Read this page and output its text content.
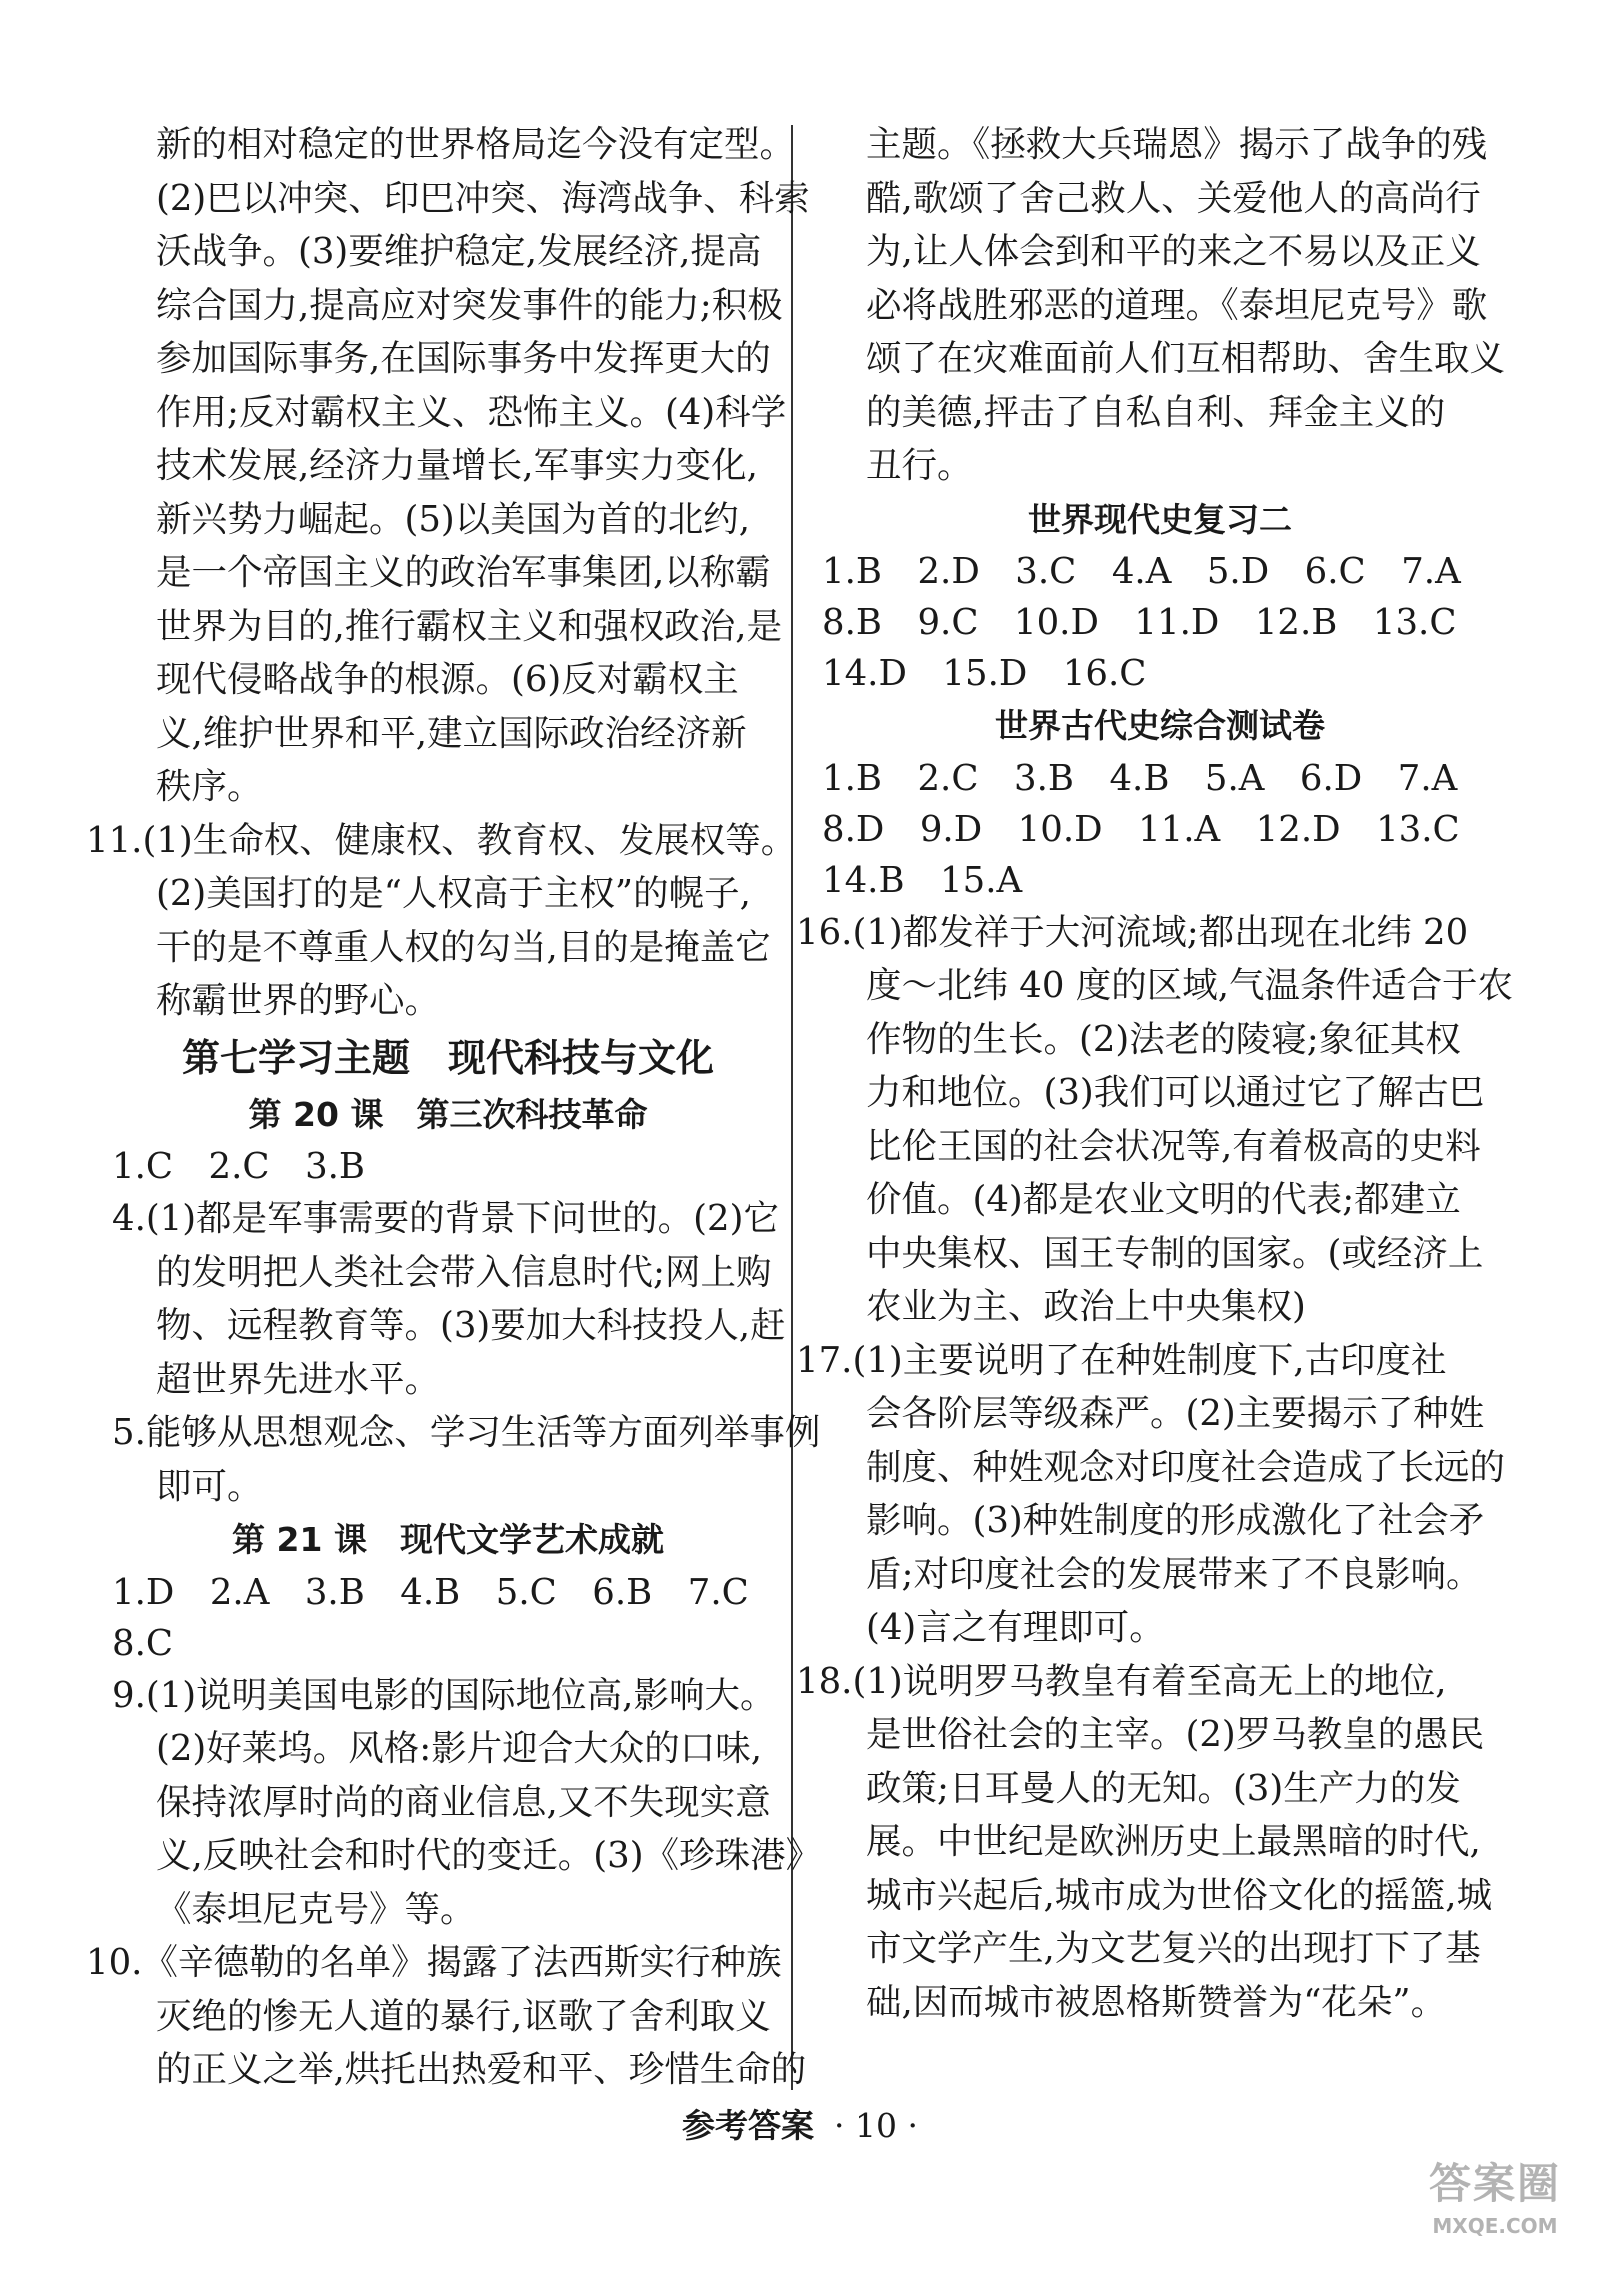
新的相对稳定的世界格局迄今没有定型。
(2)巴以冲突、印巴冲突、海湾战争、科索
沃战争。(3)要维护稳定,发展经济,提高
综合国力,提高应对突发事件的能力;积极
参加国际事务,在国际事务中发挥更大的
作用;反对霸权主义、恐怖主义。(4)科学
技术发展,经济力量增长,军事实力变化,
新兴势力崛起。(5)以美国为首的北约,
是一个帝国主义的政治军事集团,以称霸
世界为目的,推行霸权主义和强权政治,是
现代侵略战争的根源。(6)反对霸权主
义,维护世界和平,建立国际政治经济新
秩序。
11.(1)生命权、健康权、教育权、发展权等。
(2)美国打的是“人权高于主权”的幌子,
干的是不尊重人权的勾当,目的是掩盖它
称霸世界的野心。
第七学习主题　现代科技与文化
第 20 课　第三次科技革命
1.C　2.C　3.B
4.(1)都是军事需要的背景下问世的。(2)它
的发明把人类社会带入信息时代;网上购
物、远程教育等。(3)要加大科技投人,赶
超世界先进水平。
5.能够从思想观念、学习生活等方面列举事例
即可。
第 21 课　现代文学艺术成就
1.D　2.A　3.B　4.B　5.C　6.B　7.C
8.C
9.(1)说明美国电影的国际地位高,影响大。
(2)好莱坞。风格:影片迎合大众的口味,
保持浓厚时尚的商业信息,又不失现实意
义,反映社会和时代的变迁。(3)《珍珠港》
《泰坦尼克号》等。
10.《辛德勒的名单》揭露了法西斯实行种族
灭绝的惨无人道的暴行,讴歌了舍利取义
的正义之举,烘托出热爱和平、珍惜生命的
主题。《拯救大兵瑞恩》揭示了战争的残
酷,歌颂了舍己救人、关爱他人的高尚行
为,让人体会到和平的来之不易以及正义
必将战胜邪恶的道理。《泰坦尼克号》歌
颂了在灾难面前人们互相帮助、舍生取义
的美德,抨击了自私自利、拜金主义的
丑行。
世界现代史复习二
1.B　2.D　3.C　4.A　5.D　6.C　7.A
8.B　9.C　10.D　11.D　12.B　13.C
14.D　15.D　16.C
世界古代史综合测试卷
1.B　2.C　3.B　4.B　5.A　6.D　7.A
8.D　9.D　10.D　11.A　12.D　13.C
14.B　15.A
16.(1)都发祥于大河流域;都出现在北纬 20
度～北纬 40 度的区域,气温条件适合于农
作物的生长。(2)法老的陵寝;象征其权
力和地位。(3)我们可以通过它了解古巴
比伦王国的社会状况等,有着极高的史料
价值。(4)都是农业文明的代表;都建立
中央集权、国王专制的国家。(或经济上
农业为主、政治上中央集权)
17.(1)主要说明了在种姓制度下,古印度社
会各阶层等级森严。(2)主要揭示了种姓
制度、种姓观念对印度社会造成了长远的
影响。(3)种姓制度的形成激化了社会矛
盾;对印度社会的发展带来了不良影响。
(4)言之有理即可。
18.(1)说明罗马教皇有着至高无上的地位,
是世俗社会的主宰。(2)罗马教皇的愚民
政策;日耳曼人的无知。(3)生产力的发
展。中世纪是欧洲历史上最黑暗的时代,
城市兴起后,城市成为世俗文化的摇篮,城
市文学产生,为文艺复兴的出现打下了基
础,因而城市被恩格斯赞誉为“花朵”。
参考答案 · 10 ·
答案圈
MXQE.COM
